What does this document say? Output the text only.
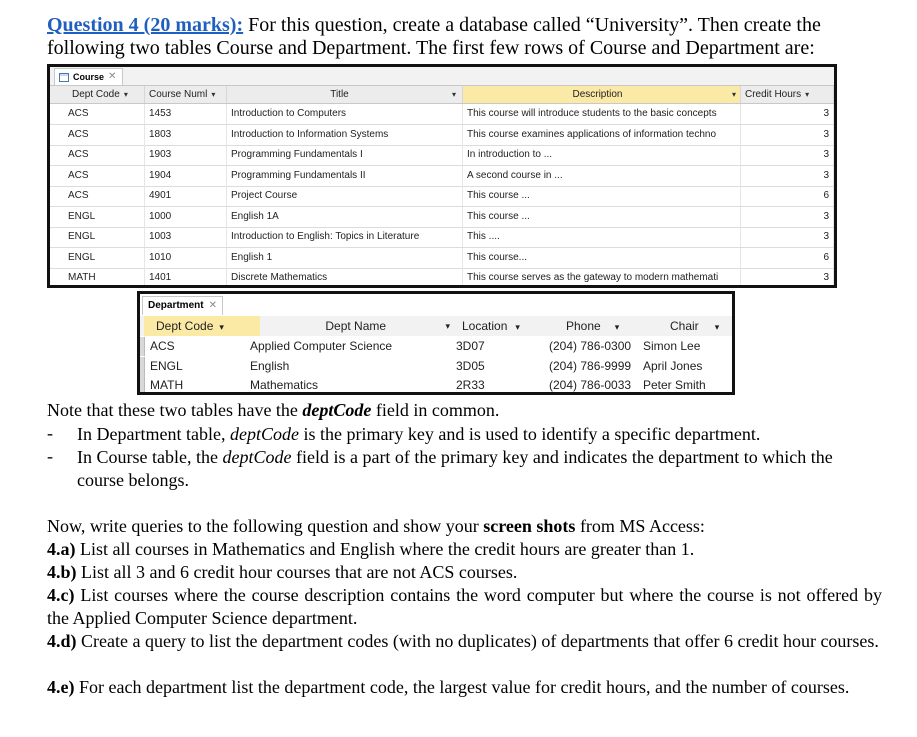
Question 4 (20 marks): For this question, create a database called “University”. Then create the following two tables Course and Department. The first few rows of Course and Department are:
Course ✕
Dept Code ▾	Course Numl ▾	Title	▾	Description	▾ Credit Hours ▾
ACS	1453	Introduction to Computers	This course will introduce students to the basic concepts	3
ACS	1803	Introduction to Information Systems	This course examines applications of information techno	3
ACS	1903	Programming Fundamentals I	In introduction to ...	3
ACS	1904	Programming Fundamentals II	A second course in ...	3
ACS	4901	Project Course	This course ...	6
ENGL	1000	English 1A	This course ...	3
ENGL	1003	Introduction to English: Topics in Literature	This ....	3
ENGL	1010	English 1	This course...	6
MATH	1401	Discrete Mathematics	This course serves as the gateway to modern mathemati	3
Department ✕
Dept Code ▾	Dept Name	▾	Location ▾	Phone ▾	Chair ▾
ACS	Applied Computer Science	3D07	(204) 786-0300 Simon Lee
ENGL	English	3D05	(204) 786-9999 April Jones
MATH	Mathematics	2R33	(204) 786-0033 Peter Smith
Note that these two tables have the deptCode field in common.
- In Department table, deptCode is the primary key and is used to identify a specific department.
- In Course table, the deptCode field is a part of the primary key and indicates the department to which the course belongs.
Now, write queries to the following question and show your screen shots from MS Access:
4.a) List all courses in Mathematics and English where the credit hours are greater than 1.
4.b) List all 3 and 6 credit hour courses that are not ACS courses.
4.c) List courses where the course description contains the word computer but where the course is not offered by the Applied Computer Science department.
4.d) Create a query to list the department codes (with no duplicates) of departments that offer 6 credit hour courses.
4.e) For each department list the department code, the largest value for credit hours, and the number of courses.
